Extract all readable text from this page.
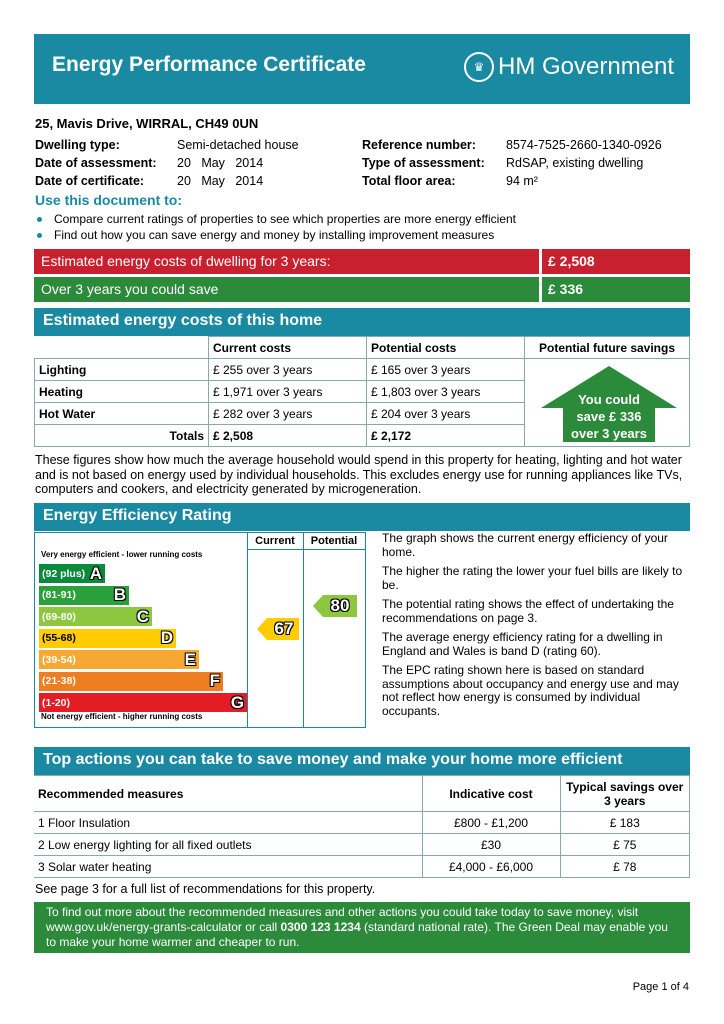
Energy Performance Certificate	♛ HM Government
25, Mavis Drive, WIRRAL, CH49 0UN
Dwelling type:	Semi-detached house
Date of assessment:	20   May   2014
Date of certificate:	20   May   2014
Reference number:	8574-7525-2660-1340-0926
Type of assessment:	RdSAP, existing dwelling
Total floor area:	94 m²
Use this document to:
Compare current ratings of properties to see which properties are more energy efficient
Find out how you can save energy and money by installing improvement measures
Estimated energy costs of dwelling for 3 years:	£ 2,508
Over 3 years you could save	£ 336
Estimated energy costs of this home
	Current costs	Potential costs	Potential future savings
Lighting	£ 255 over 3 years	£ 165 over 3 years	
Heating	£ 1,971 over 3 years	£ 1,803 over 3 years	
Hot Water	£ 282 over 3 years	£ 204 over 3 years	
Totals	£ 2,508	£ 2,172	
You could
save £ 336
over 3 years
These figures show how much the average household would spend in this property for heating, lighting and hot water and is not based on energy used by individual households. This excludes energy use for running appliances like TVs, computers and cookers, and electricity generated by microgeneration.
Energy Efficiency Rating
Current	Potential
Very energy efficient - lower running costs
Not energy efficient - higher running costs
(92 plus) A
(81-91) B
(69-80)	C
(55-68)	D
(39-54)	E
(21-38)	F
(1-20)	G
67
80

The graph shows the current energy efficiency of your home.

The higher the rating the lower your fuel bills are likely to be.

The potential rating shows the effect of undertaking the recommendations on page 3.

The average energy efficiency rating for a dwelling in England and Wales is band D (rating 60).

The EPC rating shown here is based on standard assumptions about occupancy and energy use and may not reflect how energy is consumed by individual occupants.

Top actions you can take to save money and make your home more efficient
Recommended measures	Indicative cost	Typical savings over 3 years
1 Floor Insulation	£800 - £1,200	£ 183
2 Low energy lighting for all fixed outlets	£30	£ 75
3 Solar water heating	£4,000 - £6,000	£ 78
See page 3 for a full list of recommendations for this property.
To find out more about the recommended measures and other actions you could take today to save money, visit www.gov.uk/energy-grants-calculator or call 0300 123 1234 (standard national rate). The Green Deal may enable you to make your home warmer and cheaper to run.
Page 1 of 4
